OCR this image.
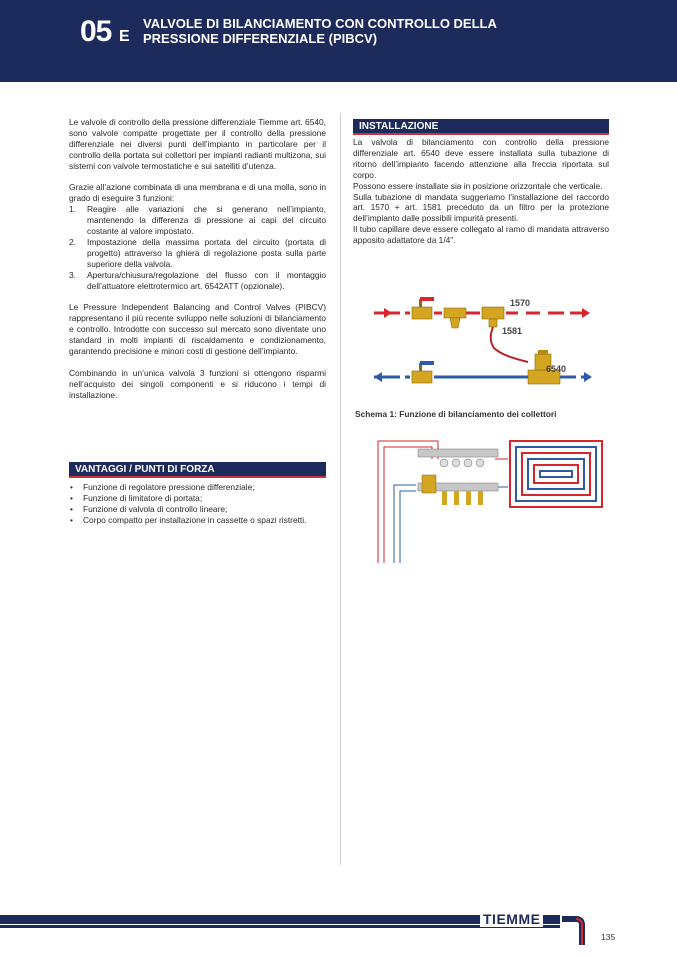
05 E
VALVOLE DI BILANCIAMENTO CON CONTROLLO DELLA PRESSIONE DIFFERENZIALE (PIBCV)

Le valvole di controllo della pressione differenziale Tiemme art. 6540, sono valvole compatte progettate per il controllo della pressione differenziale nei diversi punti dell’impianto in particolare per il controllo della portata sui collettori per impianti radianti multizona, sui sistemi con valvole termostatiche e sui satelliti d’utenza.

Grazie all’azione combinata di una membrana e di una molla, sono in grado di eseguire 3 funzioni:
1. Reagire alle variazioni che si generano nell’impianto, mantenendo la differenza di pressione ai capi del circuito costante al valore impostato.
2. Impostazione della massima portata del circuito (portata di progetto) attraverso la ghiera di regolazione posta sulla parte superiore della valvola.
3. Apertura/chiusura/regolazione del flusso con il montaggio dell’attuatore elettrotermico art. 6542ATT (opzionale).

Le Pressure Independent Balancing and Control Valves (PIBCV) rappresentano il più recente sviluppo nelle soluzioni di bilanciamento e controllo. Introdotte con successo sul mercato sono diventate uno standard in molti impianti di riscaldamento e condizionamento, garantendo precisione e minori costi di gestione dell’impianto.

Combinando in un’unica valvola 3 funzioni si ottengono risparmi nell’acquisto dei singoli componenti e si riducono i tempi di installazione.

VANTAGGI / PUNTI DI FORZA
• Funzione di regolatore pressione differenziale;
• Funzione di limitatore di portata;
• Funzione di valvola di controllo lineare;
• Corpo compatto per installazione in cassette o spazi ristretti.
INSTALLAZIONE
La valvola di bilanciamento con controllo della pressione differenziale art. 6540 deve essere installata sulla tubazione di ritorno dell’impianto facendo attenzione alla freccia riportata sul corpo.
Possono essere installate sia in posizione orizzontale che verticale.
Sulla tubazione di mandata suggeriamo l’installazione del raccordo art. 1570 + art. 1581 preceduto da un filtro per la protezione dell’impianto dalle possibili impurità presenti.
Il tubo capillare deve essere collegato al ramo di mandata attraverso apposito adattatore da 1/4”.
1570
1581
6540
Schema 1: Funzione di bilanciamento dei collettori
TIEMME
135
